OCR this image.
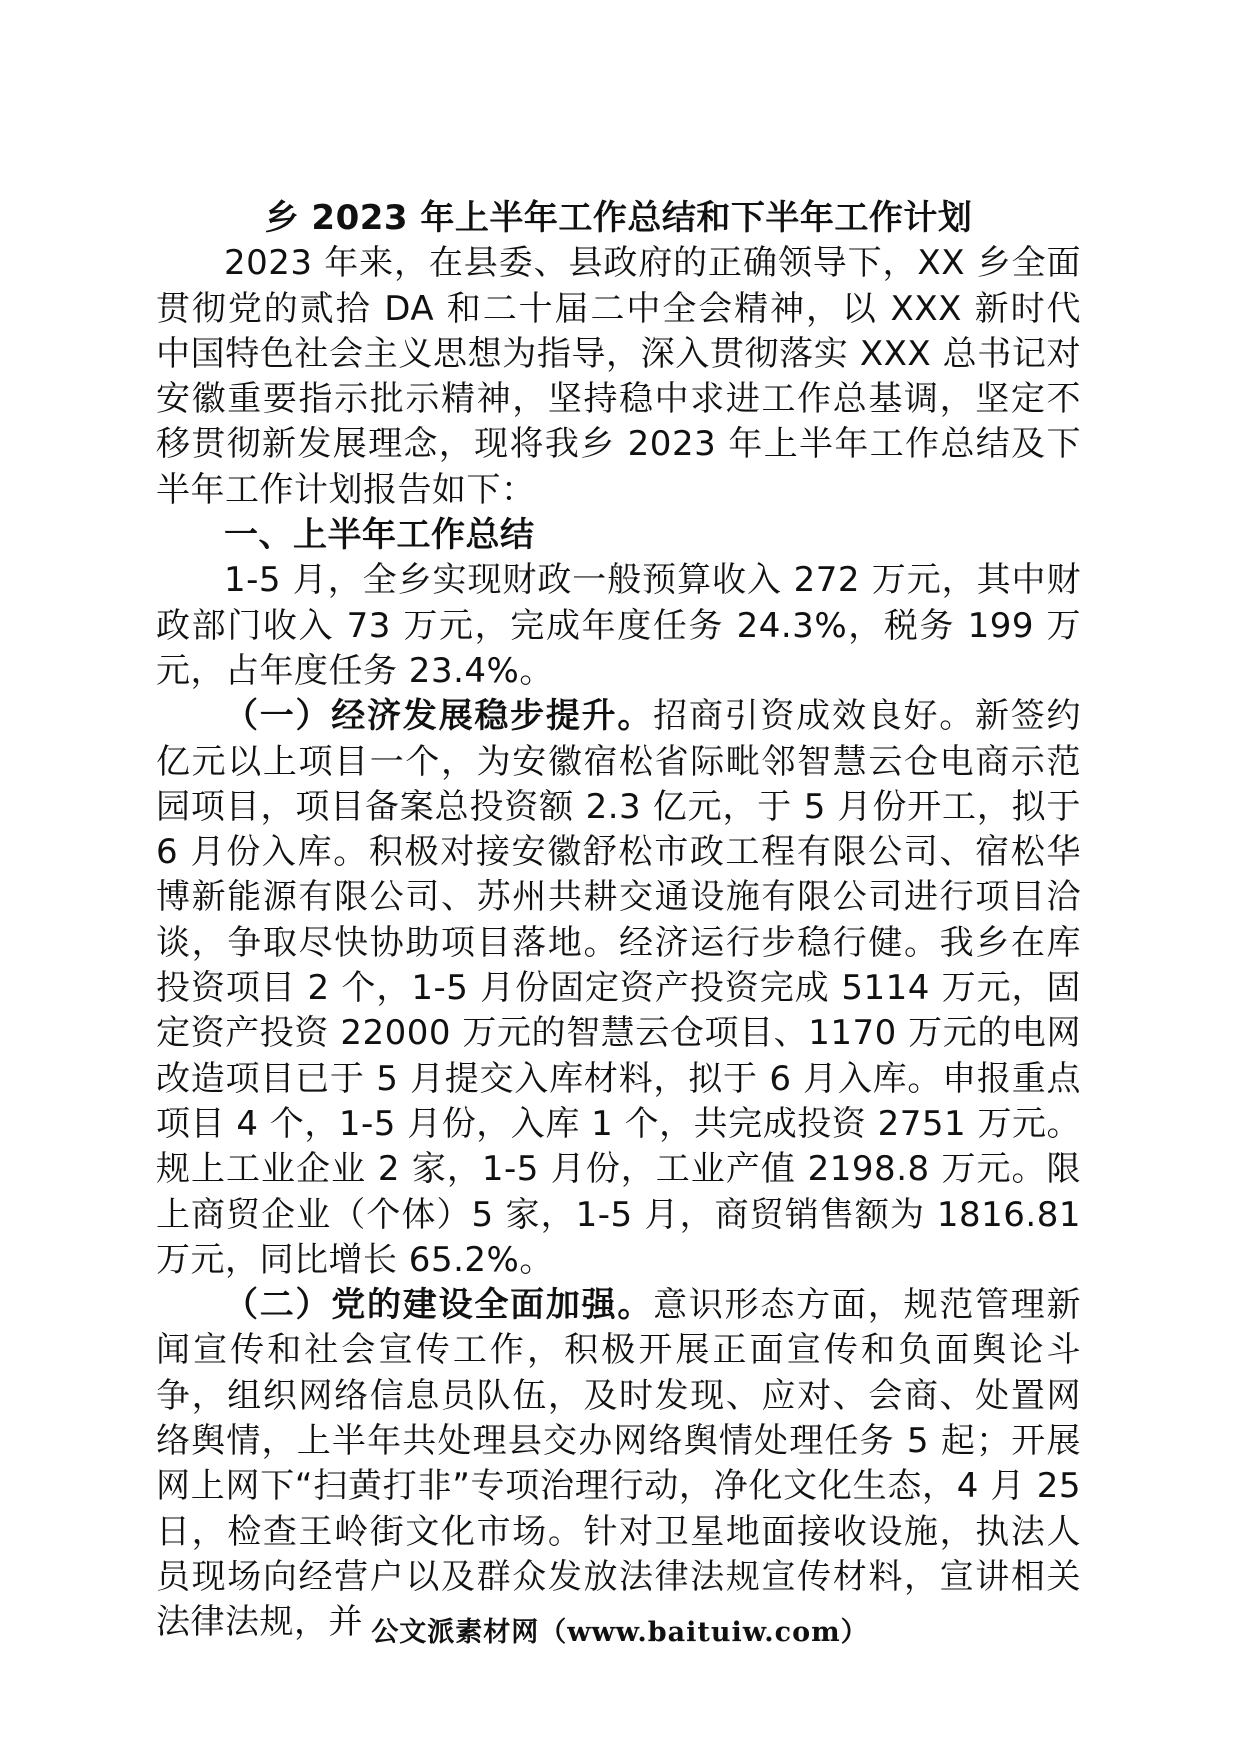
乡 2023 年上半年工作总结和下半年工作计划

2023 年来，在县委、县政府的正确领导下，XX 乡全面贯彻党的贰拾 DA 和二十届二中全会精神，以 XXX 新时代中国特色社会主义思想为指导，深入贯彻落实 XXX 总书记对安徽重要指示批示精神，坚持稳中求进工作总基调，坚定不移贯彻新发展理念，现将我乡 2023 年上半年工作总结及下半年工作计划报告如下：

一、上半年工作总结

1-5 月，全乡实现财政一般预算收入 272 万元，其中财政部门收入 73 万元，完成年度任务 24.3%，税务 199 万元，占年度任务 23.4%。

（一）经济发展稳步提升。招商引资成效良好。新签约亿元以上项目一个，为安徽宿松省际毗邻智慧云仓电商示范园项目，项目备案总投资额 2.3 亿元，于 5 月份开工，拟于 6 月份入库。积极对接安徽舒松市政工程有限公司、宿松华博新能源有限公司、苏州共耕交通设施有限公司进行项目洽谈，争取尽快协助项目落地。经济运行步稳行健。我乡在库投资项目 2 个，1-5 月份固定资产投资完成 5114 万元，固定资产投资 22000 万元的智慧云仓项目、1170 万元的电网改造项目已于 5 月提交入库材料，拟于 6 月入库。申报重点项目 4 个，1-5 月份，入库 1 个，共完成投资 2751 万元。规上工业企业 2 家，1-5 月份，工业产值 2198.8 万元。限上商贸企业（个体）5 家，1-5 月，商贸销售额为 1816.81 万元，同比增长 65.2%。

（二）党的建设全面加强。意识形态方面，规范管理新闻宣传和社会宣传工作，积极开展正面宣传和负面舆论斗争，组织网络信息员队伍，及时发现、应对、会商、处置网络舆情，上半年共处理县交办网络舆情处理任务 5 起；开展网上网下“扫黄打非”专项治理行动，净化文化生态，4 月 25 日，检查王岭街文化市场。针对卫星地面接收设施，执法人员现场向经营户以及群众发放法律法规宣传材料，宣讲相关法律法规，并 公文派素材网（www.baituiw.com）
